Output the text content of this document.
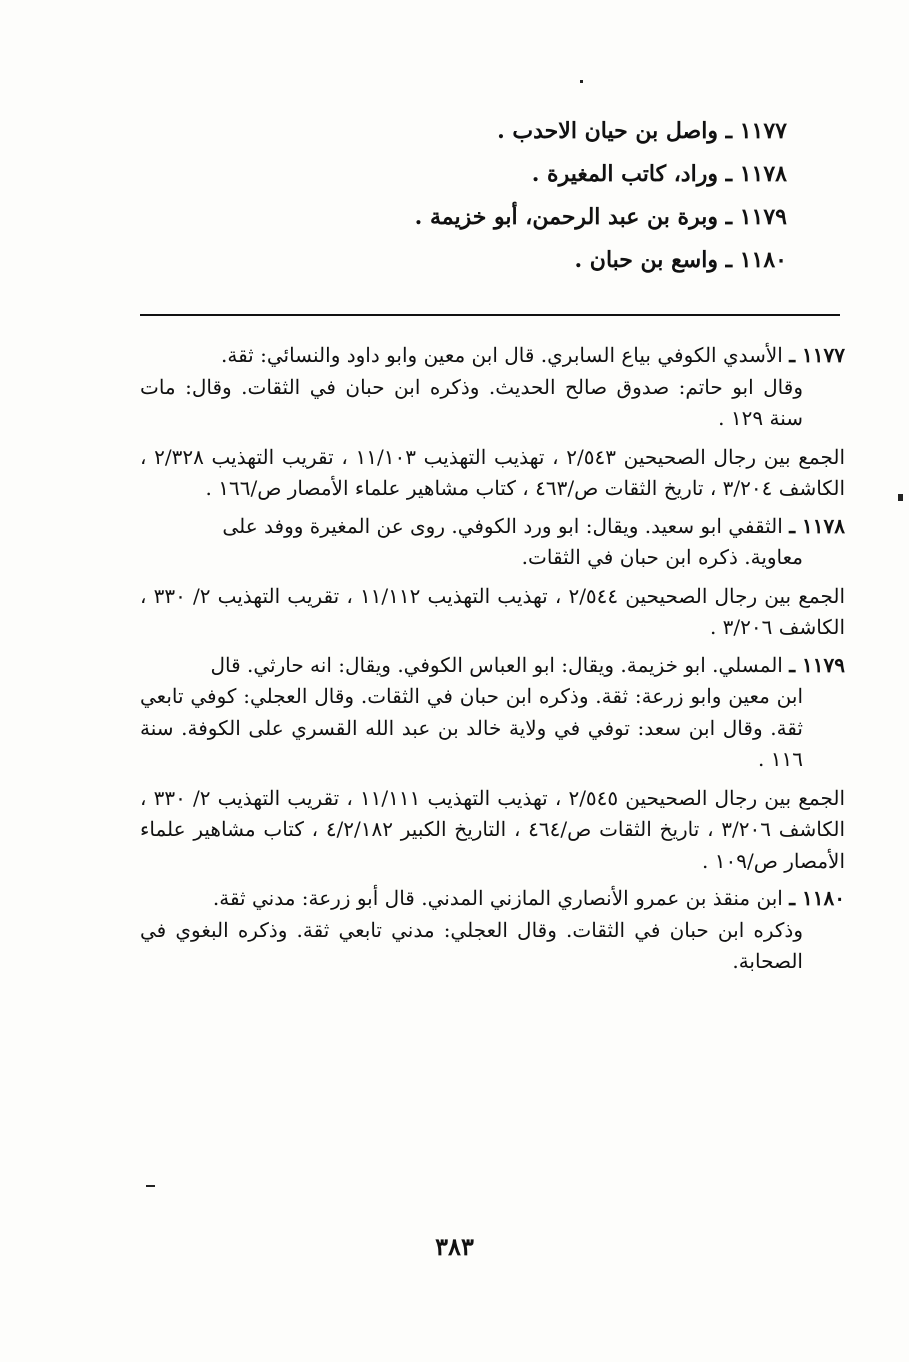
١١٧٧ ـ واصل بن حيان الاحدب .
١١٧٨ ـ وراد، كاتب المغيرة .
١١٧٩ ـ وبرة بن عبد الرحمن، أبو خزيمة .
١١٨٠ ـ واسع بن حبان .

١١٧٧ ـ الأسدي الكوفي بياع السابري. قال ابن معين وابو داود والنسائي: ثقة.

وقال ابو حاتم: صدوق صالح الحديث. وذكره ابن حبان في الثقات. وقال: مات سنة ١٢٩ .

الجمع بين رجال الصحيحين ٢/٥٤٣ ، تهذيب التهذيب ١١/١٠٣ ، تقريب التهذيب ٢/٣٢٨ ، الكاشف ٣/٢٠٤ ، تاريخ الثقات ص/٤٦٣ ، كتاب مشاهير علماء الأمصار ص/١٦٦ .

١١٧٨ ـ الثقفي ابو سعيد. ويقال: ابو ورد الكوفي. روى عن المغيرة ووفد على

معاوية. ذكره ابن حبان في الثقات.

الجمع بين رجال الصحيحين ٢/٥٤٤ ، تهذيب التهذيب ١١/١١٢ ، تقريب التهذيب ٢/ ٣٣٠ ، الكاشف ٣/٢٠٦ .

١١٧٩ ـ المسلي. ابو خزيمة. ويقال: ابو العباس الكوفي. ويقال: انه حارثي. قال

ابن معين وابو زرعة: ثقة. وذكره ابن حبان في الثقات. وقال العجلي: كوفي تابعي ثقة. وقال ابن سعد: توفي في ولاية خالد بن عبد الله القسري على الكوفة. سنة ١١٦ .

الجمع بين رجال الصحيحين ٢/٥٤٥ ، تهذيب التهذيب ١١/١١١ ، تقريب التهذيب ٢/ ٣٣٠ ، الكاشف ٣/٢٠٦ ، تاريخ الثقات ص/٤٦٤ ، التاريخ الكبير ٤/٢/١٨٢ ، كتاب مشاهير علماء الأمصار ص/١٠٩ .

١١٨٠ ـ ابن منقذ بن عمرو الأنصاري المازني المدني. قال أبو زرعة: مدني ثقة.

وذكره ابن حبان في الثقات. وقال العجلي: مدني تابعي ثقة. وذكره البغوي في الصحابة.

٣٨٣
